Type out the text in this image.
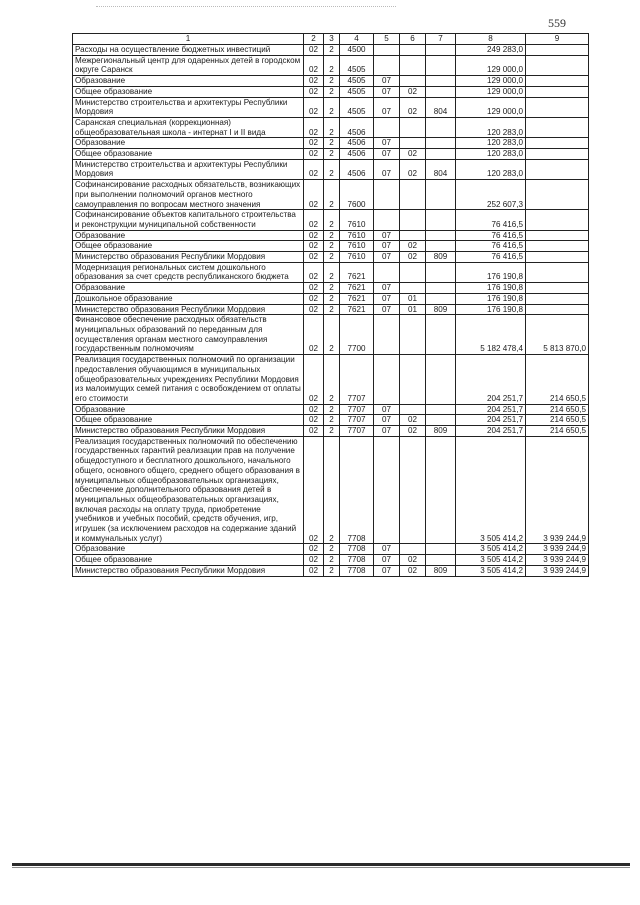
559
1	2	3	4	5	6	7	8	9
Расходы на осуществление бюджетных инвестиций	02	2	4500				249 283,0	
Межрегиональный центр для одаренных детей в городском округе Саранск	02	2	4505				129 000,0	
Образование	02	2	4505	07			129 000,0	
Общее образование	02	2	4505	07	02		129 000,0	
Министерство строительства и архитектуры Республики Мордовия	02	2	4505	07	02	804	129 000,0	
Саранская специальная (коррекционная) общеобразовательная школа - интернат I и II вида	02	2	4506				120 283,0	
Образование	02	2	4506	07			120 283,0	
Общее образование	02	2	4506	07	02		120 283,0	
Министерство строительства и архитектуры Республики Мордовия	02	2	4506	07	02	804	120 283,0	
Софинансирование расходных обязательств, возникающих при выполнении полномочий органов местного самоуправления по вопросам местного значения	02	2	7600				252 607,3	
Софинансирование объектов капитального строительства и реконструкции муниципальной собственности	02	2	7610				76 416,5	
Образование	02	2	7610	07			76 416,5	
Общее образование	02	2	7610	07	02		76 416,5	
Министерство образования Республики Мордовия	02	2	7610	07	02	809	76 416,5	
Модернизация региональных систем дошкольного образования за счет средств республиканского бюджета	02	2	7621				176 190,8	
Образование	02	2	7621	07			176 190,8	
Дошкольное образование	02	2	7621	07	01		176 190,8	
Министерство образования Республики Мордовия	02	2	7621	07	01	809	176 190,8	
Финансовое обеспечение расходных обязательств муниципальных образований по переданным для осуществления органам местного самоуправления государственным полномочиям	02	2	7700				5 182 478,4	5 813 870,0
Реализация государственных полномочий по организации предоставления обучающимся в муниципальных общеобразовательных учреждениях Республики Мордовия из малоимущих семей питания с освобождением от оплаты его стоимости	02	2	7707				204 251,7	214 650,5
Образование	02	2	7707	07			204 251,7	214 650,5
Общее образование	02	2	7707	07	02		204 251,7	214 650,5
Министерство образования Республики Мордовия	02	2	7707	07	02	809	204 251,7	214 650,5
Реализация государственных полномочий по обеспечению государственных гарантий реализации прав на получение общедоступного и бесплатного дошкольного, начального общего, основного общего, среднего общего образования в муниципальных общеобразовательных организациях, обеспечение дополнительного образования детей в муниципальных общеобразовательных организациях, включая расходы на оплату труда, приобретение учебников и учебных пособий, средств обучения, игр, игрушек (за исключением расходов на содержание зданий и коммунальных услуг)	02	2	7708				3 505 414,2	3 939 244,9
Образование	02	2	7708	07			3 505 414,2	3 939 244,9
Общее образование	02	2	7708	07	02		3 505 414,2	3 939 244,9
Министерство образования Республики Мордовия	02	2	7708	07	02	809	3 505 414,2	3 939 244,9
